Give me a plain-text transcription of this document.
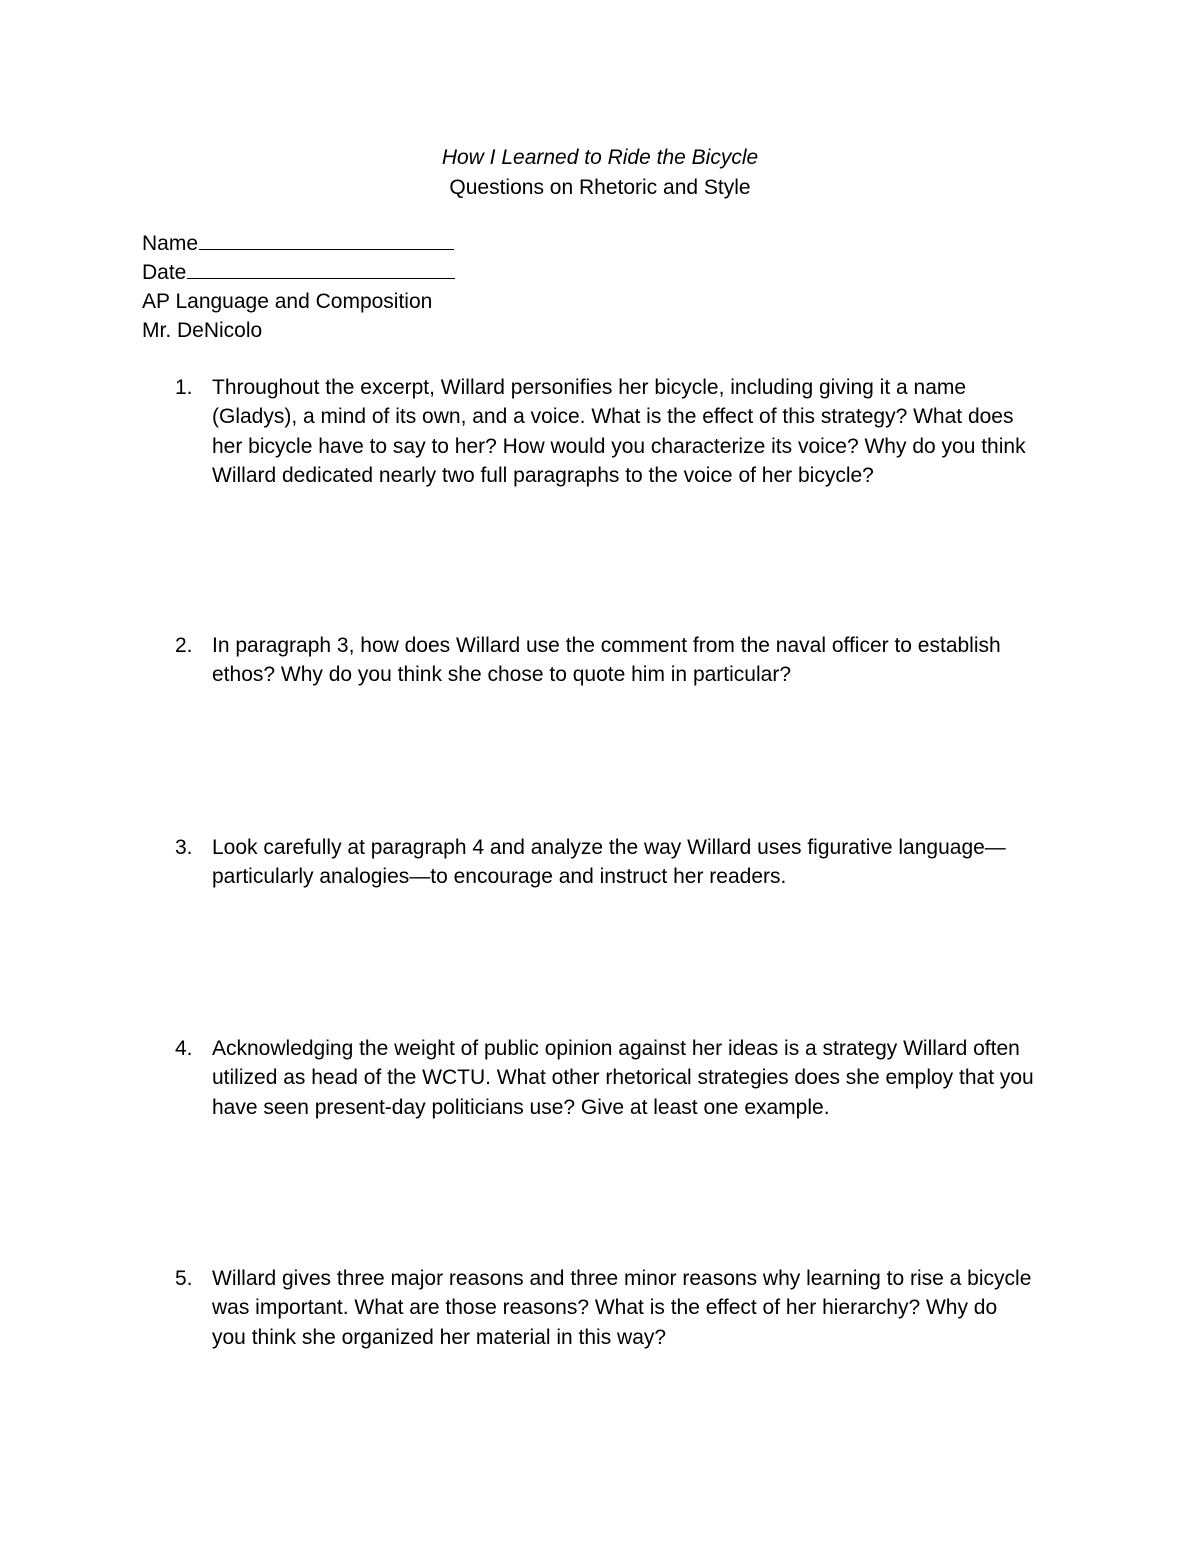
How I Learned to Ride the Bicycle
Questions on Rhetoric and Style
Name
Date
AP Language and Composition
Mr. DeNicolo
1. Throughout the excerpt, Willard personifies her bicycle, including giving it a name
(Gladys), a mind of its own, and a voice. What is the effect of this strategy? What does
her bicycle have to say to her? How would you characterize its voice? Why do you think
Willard dedicated nearly two full paragraphs to the voice of her bicycle?
2. In paragraph 3, how does Willard use the comment from the naval officer to establish
ethos? Why do you think she chose to quote him in particular?
3. Look carefully at paragraph 4 and analyze the way Willard uses figurative language—
particularly analogies—to encourage and instruct her readers.
4. Acknowledging the weight of public opinion against her ideas is a strategy Willard often
utilized as head of the WCTU. What other rhetorical strategies does she employ that you
have seen present-day politicians use? Give at least one example.
5. Willard gives three major reasons and three minor reasons why learning to rise a bicycle
was important. What are those reasons? What is the effect of her hierarchy? Why do
you think she organized her material in this way?
